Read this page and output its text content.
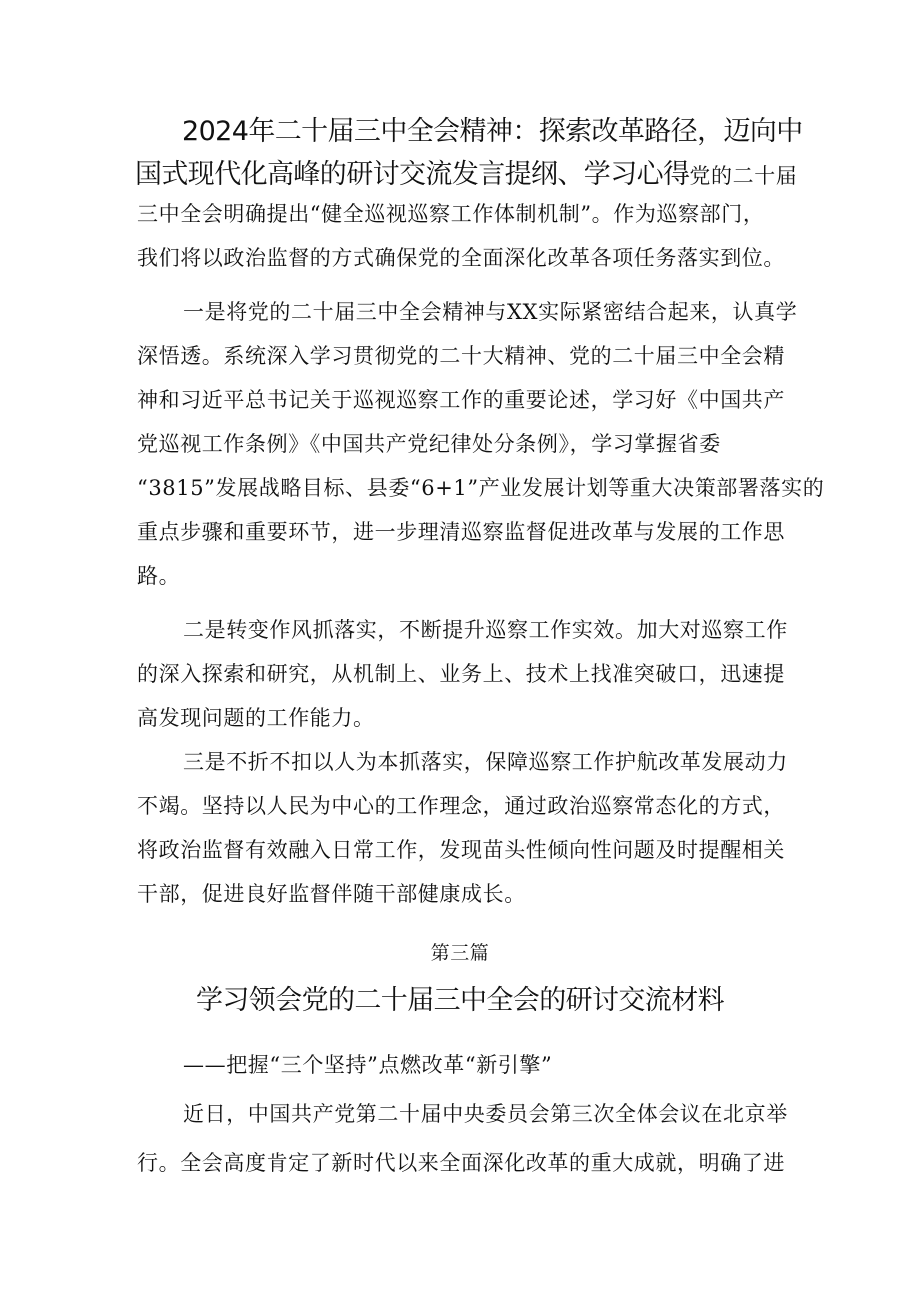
2024年二十届三中全会精神：探索改革路径，迈向中
国式现代化高峰的研讨交流发言提纲、学习心得党的二十届
三中全会明确提出“健全巡视巡察工作体制机制”。作为巡察部门，
我们将以政治监督的方式确保党的全面深化改革各项任务落实到位。
一是将党的二十届三中全会精神与XX实际紧密结合起来，认真学
深悟透。系统深入学习贯彻党的二十大精神、党的二十届三中全会精
神和习近平总书记关于巡视巡察工作的重要论述，学习好《中国共产
党巡视工作条例》《中国共产党纪律处分条例》，学习掌握省委
“3815”发展战略目标、县委“6+1”产业发展计划等重大决策部署落实的
重点步骤和重要环节，进一步理清巡察监督促进改革与发展的工作思
路。
二是转变作风抓落实，不断提升巡察工作实效。加大对巡察工作
的深入探索和研究，从机制上、业务上、技术上找准突破口，迅速提
高发现问题的工作能力。
三是不折不扣以人为本抓落实，保障巡察工作护航改革发展动力
不竭。坚持以人民为中心的工作理念，通过政治巡察常态化的方式，
将政治监督有效融入日常工作，发现苗头性倾向性问题及时提醒相关
干部，促进良好监督伴随干部健康成长。
第三篇
学习领会党的二十届三中全会的研讨交流材料
——把握“三个坚持”点燃改革“新引擎”
近日，中国共产党第二十届中央委员会第三次全体会议在北京举
行。全会高度肯定了新时代以来全面深化改革的重大成就，明确了进
